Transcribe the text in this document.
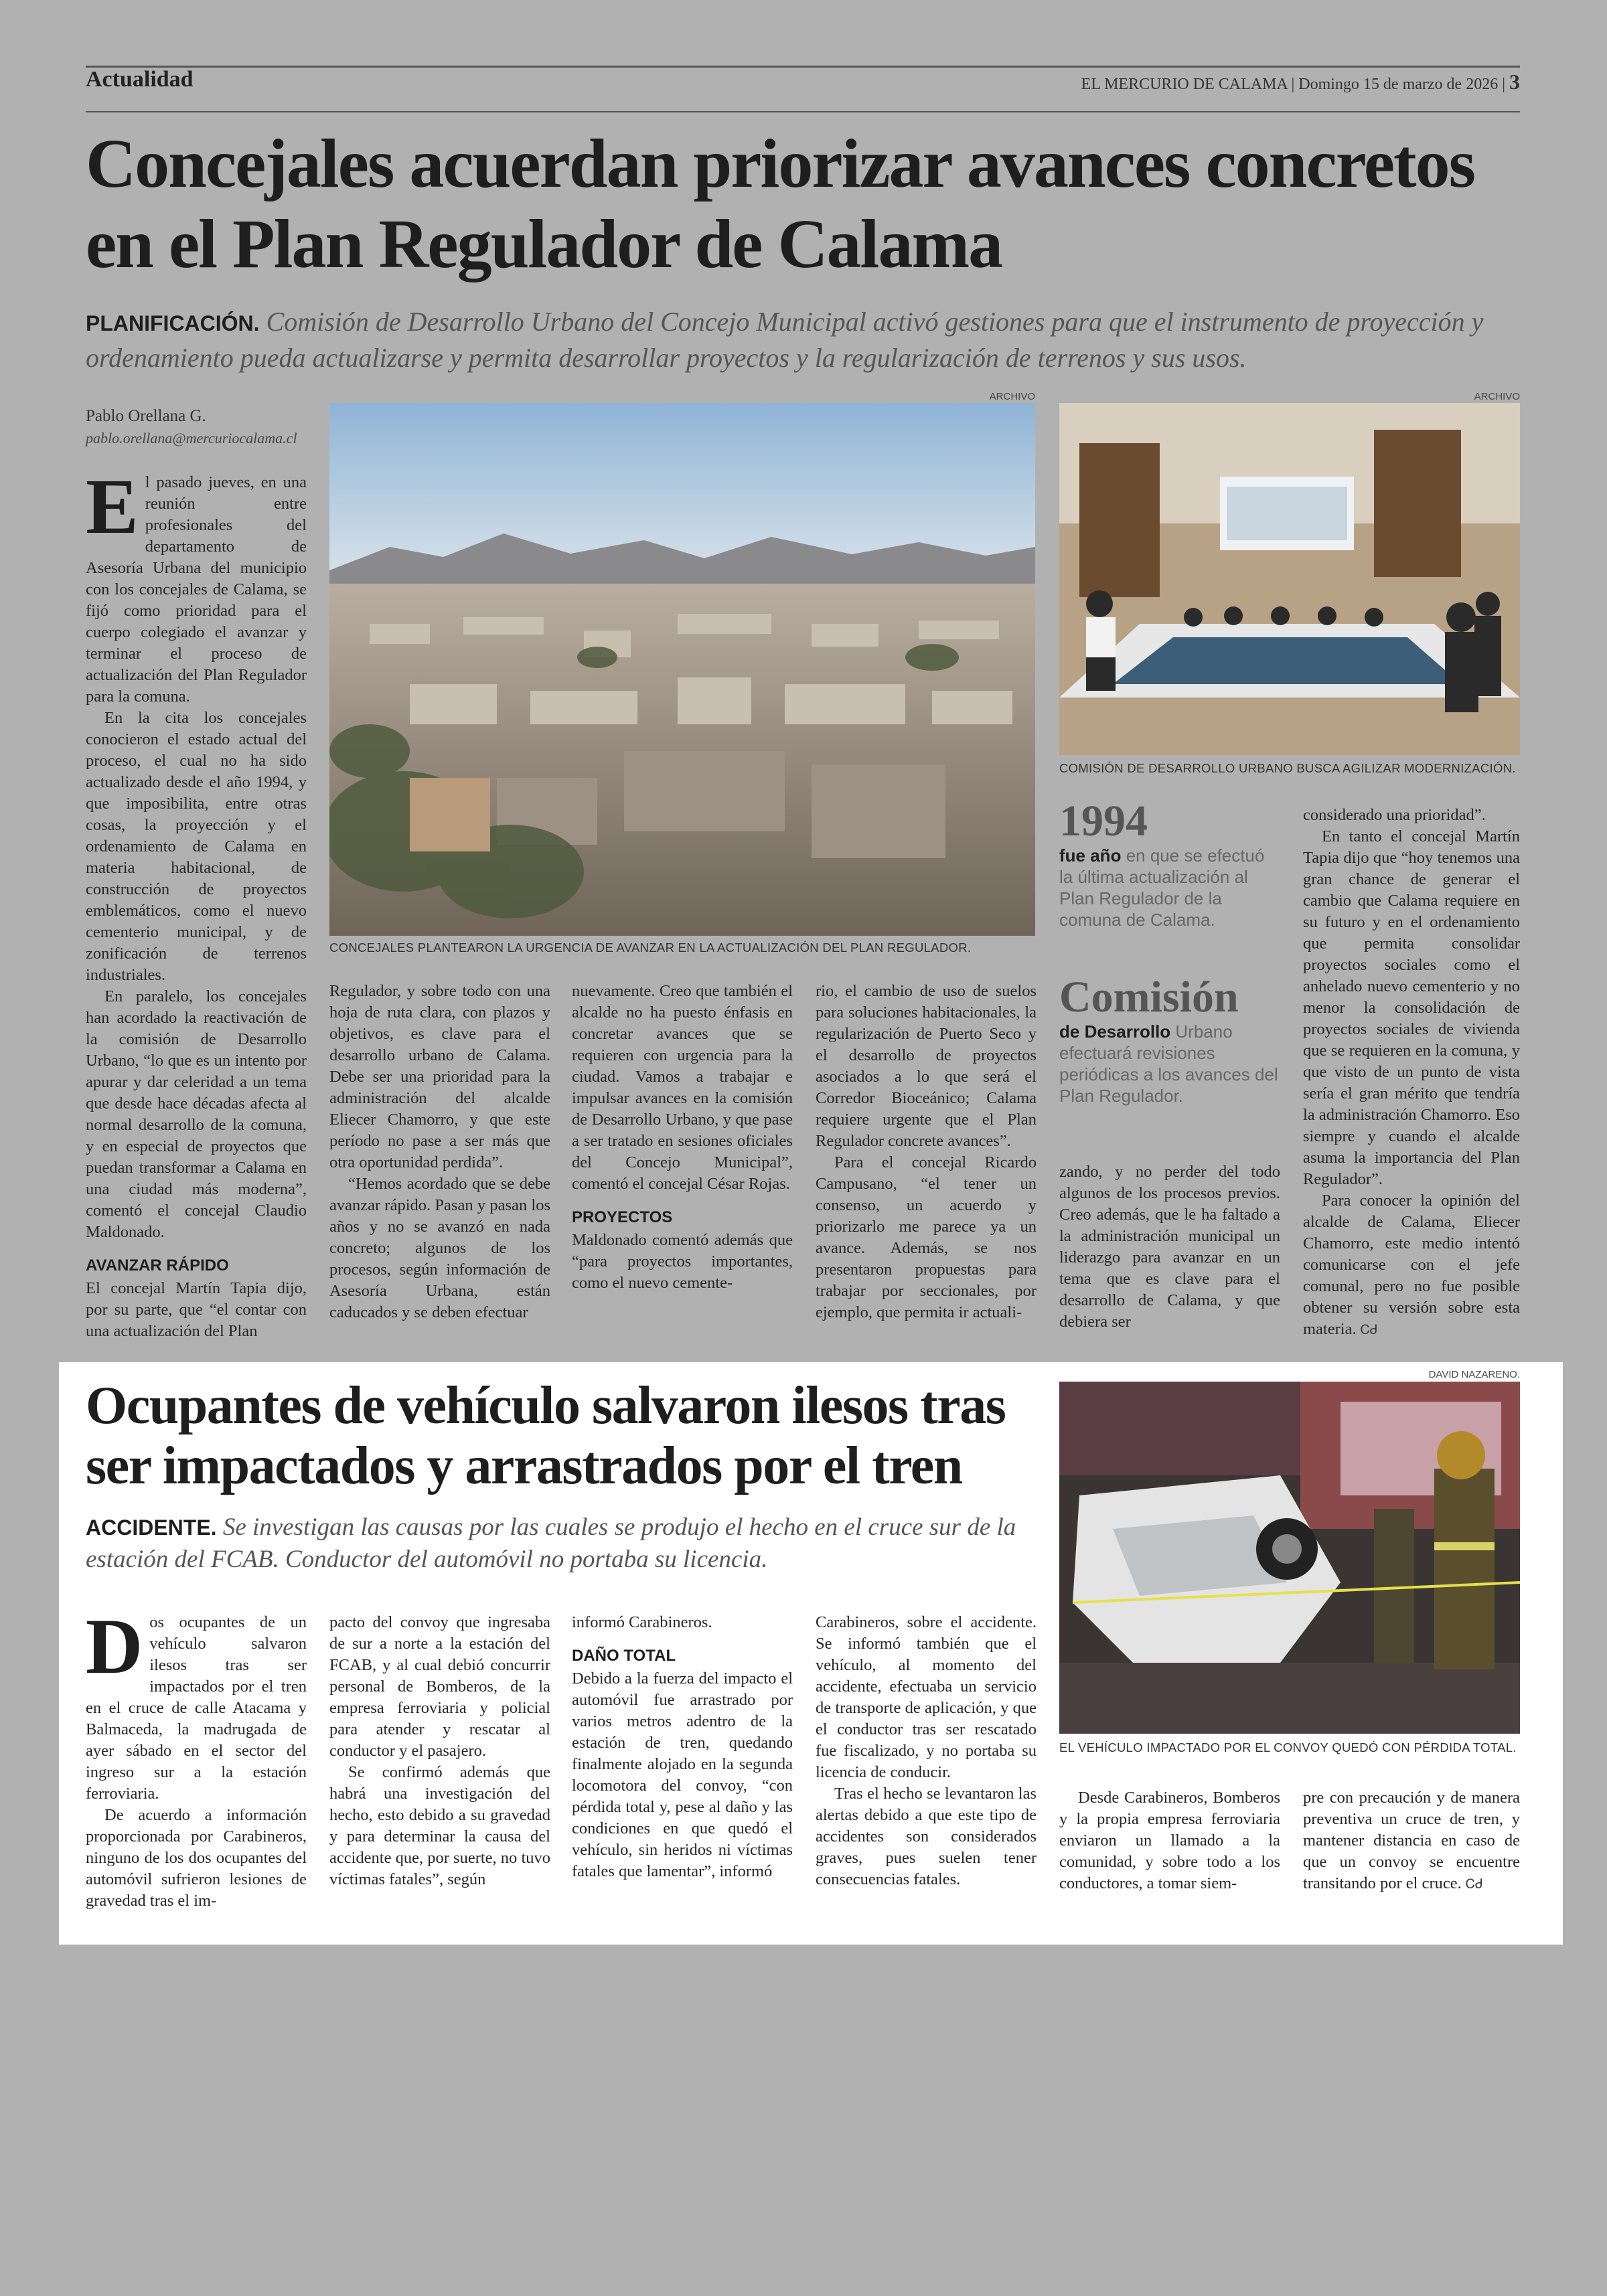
Actualidad	EL MERCURIO DE CALAMA | Domingo 15 de marzo de 2026 | 3
Concejales acuerdan priorizar avances concretos en el Plan Regulador de Calama
PLANIFICACIÓN. Comisión de Desarrollo Urbano del Concejo Municipal activó gestiones para que el instrumento de proyección y ordenamiento pueda actualizarse y permita desarrollar proyectos y la regularización de terrenos y sus usos.
Pablo Orellana G.
pablo.orellana@mercuriocalama.cl

El pasado jueves, en una reunión entre profesionales del departamento de Asesoría Urbana del municipio con los concejales de Calama, se fijó como prioridad para el cuerpo colegiado el avanzar y terminar el proceso de actualización del Plan Regulador para la comuna.

En la cita los concejales conocieron el estado actual del proceso, el cual no ha sido actualizado desde el año 1994, y que imposibilita, entre otras cosas, la proyección y el ordenamiento de Calama en materia habitacional, de construcción de proyectos emblemáticos, como el nuevo cementerio municipal, y de zonificación de terrenos industriales.

En paralelo, los concejales han acordado la reactivación de la comisión de Desarrollo Urbano, “lo que es un intento por apurar y dar celeridad a un tema que desde hace décadas afecta al normal desarrollo de la comuna, y en especial de proyectos que puedan transformar a Calama en una ciudad más moderna”, comentó el concejal Claudio Maldonado.

AVANZAR RÁPIDO

El concejal Martín Tapia dijo, por su parte, que “el contar con una actualización del Plan

ARCHIVO
CONCEJALES PLANTEARON LA URGENCIA DE AVANZAR EN LA ACTUALIZACIÓN DEL PLAN REGULADOR.
ARCHIVO
COMISIÓN DE DESARROLLO URBANO BUSCA AGILIZAR MODERNIZACIÓN.
1994
fue año en que se efectuó la última actualización al Plan Regulador de la comuna de Calama.
Comisión
de Desarrollo Urbano efectuará revisiones periódicas a los avances del Plan Regulador.

Regulador, y sobre todo con una hoja de ruta clara, con plazos y objetivos, es clave para el desarrollo urbano de Calama. Debe ser una prioridad para la administración del alcalde Eliecer Chamorro, y que este período no pase a ser más que otra oportunidad perdida”.

“Hemos acordado que se debe avanzar rápido. Pasan y pasan los años y no se avanzó en nada concreto; algunos de los procesos, según información de Asesoría Urbana, están caducados y se deben efectuar

nuevamente. Creo que también el alcalde no ha puesto énfasis en concretar avances que se requieren con urgencia para la ciudad. Vamos a trabajar e impulsar avances en la comisión de Desarrollo Urbano, y que pase a ser tratado en sesiones oficiales del Concejo Municipal”, comentó el concejal César Rojas.

PROYECTOS

Maldonado comentó además que “para proyectos importantes, como el nuevo cemente-

rio, el cambio de uso de suelos para soluciones habitacionales, la regularización de Puerto Seco y el desarrollo de proyectos asociados a lo que será el Corredor Bioceánico; Calama requiere urgente que el Plan Regulador concrete avances”.

Para el concejal Ricardo Campusano, “el tener un consenso, un acuerdo y priorizarlo me parece ya un avance. Además, se nos presentaron propuestas para trabajar por seccionales, por ejemplo, que permita ir actuali-

zando, y no perder del todo algunos de los procesos previos. Creo además, que le ha faltado a la administración municipal un liderazgo para avanzar en un tema que es clave para el desarrollo de Calama, y que debiera ser

considerado una prioridad”.

En tanto el concejal Martín Tapia dijo que “hoy tenemos una gran chance de generar el cambio que Calama requiere en su futuro y en el ordenamiento que permita consolidar proyectos sociales como el anhelado nuevo cementerio y no menor la consolidación de proyectos sociales de vivienda que se requieren en la comuna, y que visto de un punto de vista sería el gran mérito que tendría la administración Chamorro. Eso siempre y cuando el alcalde asuma la importancia del Plan Regulador”.

Para conocer la opinión del alcalde de Calama, Eliecer Chamorro, este medio intentó comunicarse con el jefe comunal, pero no fue posible obtener su versión sobre esta materia. ᏟᏧ

Ocupantes de vehículo salvaron ilesos tras ser impactados y arrastrados por el tren
ACCIDENTE. Se investigan las causas por las cuales se produjo el hecho en el cruce sur de la estación del FCAB. Conductor del automóvil no portaba su licencia.
DAVID NAZARENO.
EL VEHÍCULO IMPACTADO POR EL CONVOY QUEDÓ CON PÉRDIDA TOTAL.

Dos ocupantes de un vehículo salvaron ilesos tras ser impactados por el tren en el cruce de calle Atacama y Balmaceda, la madrugada de ayer sábado en el sector del ingreso sur a la estación ferroviaria.

De acuerdo a información proporcionada por Carabineros, ninguno de los dos ocupantes del automóvil sufrieron lesiones de gravedad tras el im-

pacto del convoy que ingresaba de sur a norte a la estación del FCAB, y al cual debió concurrir personal de Bomberos, de la empresa ferroviaria y policial para atender y rescatar al conductor y el pasajero.

Se confirmó además que habrá una investigación del hecho, esto debido a su gravedad y para determinar la causa del accidente que, por suerte, no tuvo víctimas fatales”, según

informó Carabineros.

DAÑO TOTAL

Debido a la fuerza del impacto el automóvil fue arrastrado por varios metros adentro de la estación de tren, quedando finalmente alojado en la segunda locomotora del convoy, “con pérdida total y, pese al daño y las condiciones en que quedó el vehículo, sin heridos ni víctimas fatales que lamentar”, informó

Carabineros, sobre el accidente. Se informó también que el vehículo, al momento del accidente, efectuaba un servicio de transporte de aplicación, y que el conductor tras ser rescatado fue fiscalizado, y no portaba su licencia de conducir.

Tras el hecho se levantaron las alertas debido a que este tipo de accidentes son considerados graves, pues suelen tener consecuencias fatales.

Desde Carabineros, Bomberos y la propia empresa ferroviaria enviaron un llamado a la comunidad, y sobre todo a los conductores, a tomar siem-

pre con precaución y de manera preventiva un cruce de tren, y mantener distancia en caso de que un convoy se encuentre transitando por el cruce. ᏟᏧ
